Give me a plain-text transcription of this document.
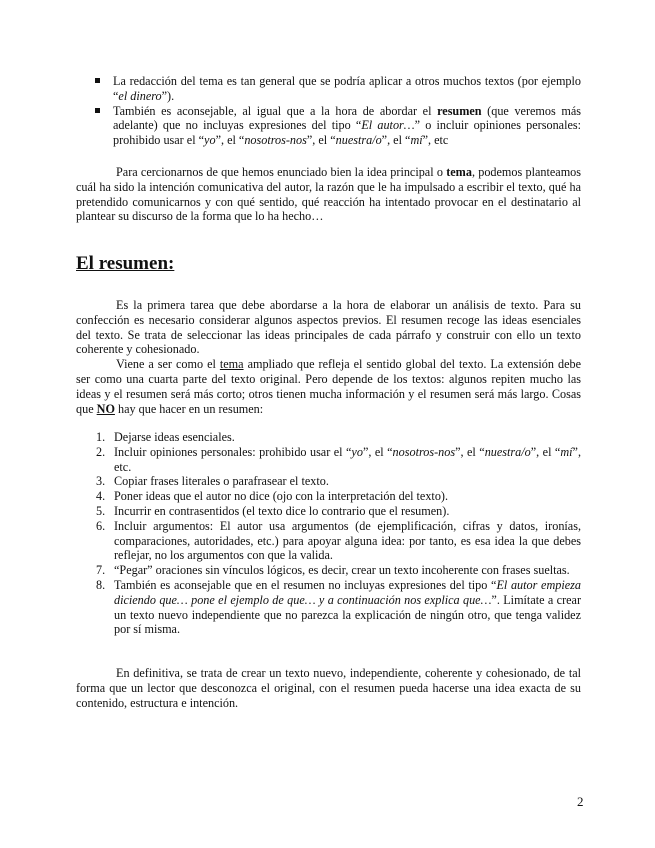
La redacción del tema es tan general que se podría aplicar a otros muchos textos (por ejemplo “el dinero”).
También es aconsejable, al igual que a la hora de abordar el resumen (que veremos más adelante) que no incluyas expresiones del tipo “El autor…” o incluir opiniones personales: prohibido usar el “yo”, el “nosotros-nos”, el “nuestra/o”, el “mí”, etc

Para cercionarnos de que hemos enunciado bien la idea principal o tema, podemos planteamos cuál ha sido la intención comunicativa del autor, la razón que le ha impulsado a escribir el texto, qué ha pretendido comunicarnos y con qué sentido, qué reacción ha intentado provocar en el destinatario al plantear su discurso de la forma que lo ha hecho…

El resumen:

Es la primera tarea que debe abordarse a la hora de elaborar un análisis de texto. Para su confección es necesario considerar algunos aspectos previos. El resumen recoge las ideas esenciales del texto. Se trata de seleccionar las ideas principales de cada párrafo y construir con ello un texto coherente y cohesionado.

Viene a ser como el tema ampliado que refleja el sentido global del texto. La extensión debe ser como una cuarta parte del texto original. Pero depende de los textos: algunos repiten mucho las ideas y el resumen será más corto; otros tienen mucha información y el resumen será más largo. Cosas que NO hay que hacer en un resumen:

1. Dejarse ideas esenciales.
2. Incluir opiniones personales: prohibido usar el “yo”, el “nosotros-nos”, el “nuestra/o”, el “mí”, etc.
3. Copiar frases literales o parafrasear el texto.
4. Poner ideas que el autor no dice (ojo con la interpretación del texto).
5. Incurrir en contrasentidos (el texto dice lo contrario que el resumen).
6. Incluir argumentos: El autor usa argumentos (de ejemplificación, cifras y datos, ironías, comparaciones, autoridades, etc.) para apoyar alguna idea: por tanto, es esa idea la que debes reflejar, no los argumentos con que la valida.
7. “Pegar” oraciones sin vínculos lógicos, es decir, crear un texto incoherente con frases sueltas.
8. También es aconsejable que en el resumen no incluyas expresiones del tipo “El autor empieza diciendo que… pone el ejemplo de que… y a continuación nos explica que…”. Limítate a crear un texto nuevo independiente que no parezca la explicación de ningún otro, que tenga validez por sí misma.

En definitiva, se trata de crear un texto nuevo, independiente, coherente y cohesionado, de tal forma que un lector que desconozca el original, con el resumen pueda hacerse una idea exacta de su contenido, estructura e intención.

2
